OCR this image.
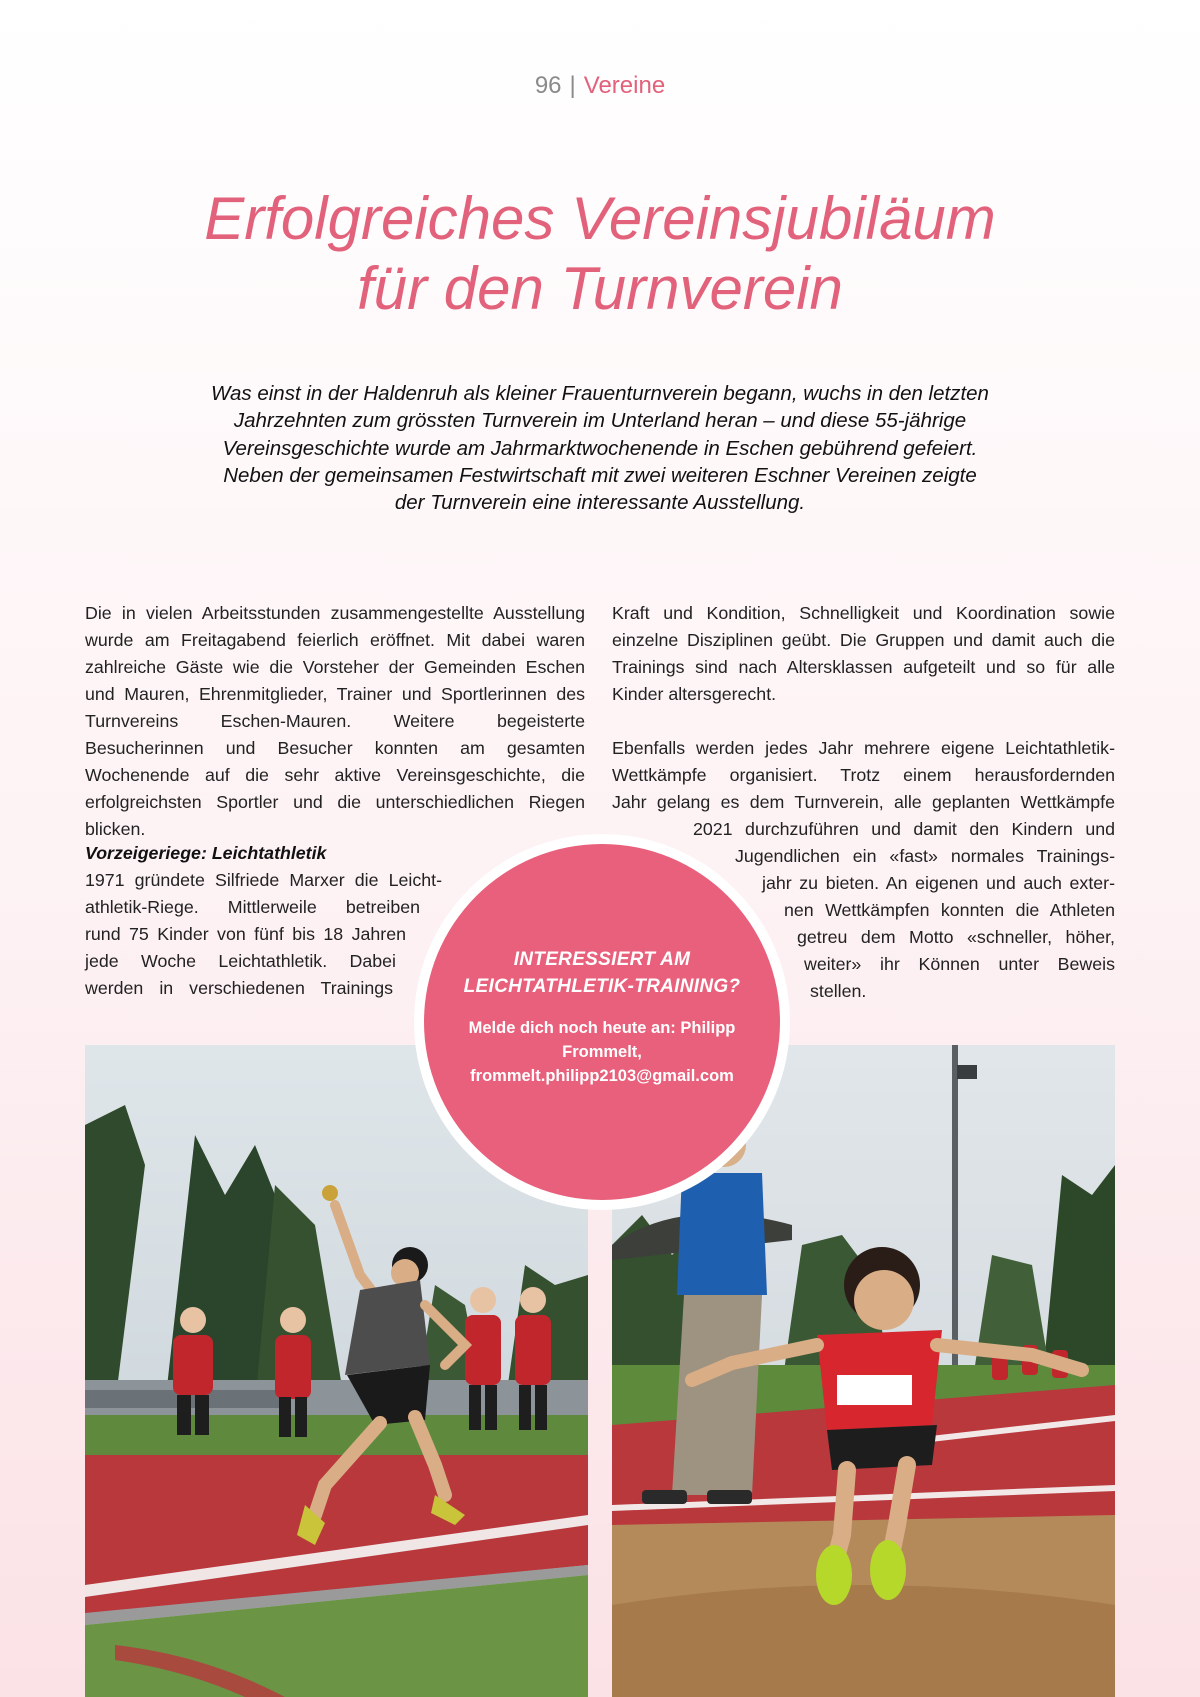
96 | Vereine
Erfolgreiches Vereinsjubiläum
für den Turnverein

Was einst in der Haldenruh als kleiner Frauenturnverein begann, wuchs in den letzten Jahrzehnten zum grössten Turnverein im Unterland heran – und diese 55-jährige Vereinsgeschichte wurde am Jahrmarktwochenende in Eschen gebührend gefeiert. Neben der gemeinsamen Festwirtschaft mit zwei weiteren Eschner Vereinen zeigte der Turnverein eine interessante Ausstellung.

Die in vielen Arbeitsstunden zusammengestellte Ausstellung wurde am Freitagabend feierlich eröffnet. Mit dabei waren zahlreiche Gäste wie die Vorsteher der Gemeinden Eschen und Mauren, Ehrenmitglieder, Trainer und Sportlerinnen des Turnvereins Eschen-Mauren. Weitere begeisterte Besucherinnen und Besucher konnten am gesamten Wochenende auf die sehr aktive Vereinsgeschichte, die erfolgreichsten Sportler und die unterschiedlichen Riegen blicken.

Vorzeigeriege: Leichtathletik

1971 gründete Silfriede Marxer die Leicht-
athletik-Riege. Mittlerweile betreiben
rund 75 Kinder von fünf bis 18 Jahren
jede Woche Leichtathletik. Dabei
werden in verschiedenen Trainings

Kraft und Kondition, Schnelligkeit und Koordination sowie einzelne Disziplinen geübt. Die Gruppen und damit auch die Trainings sind nach Altersklassen aufgeteilt und so für alle Kinder altersgerecht.

Ebenfalls werden jedes Jahr mehrere eigene Leichtathletik-
Wettkämpfe organisiert. Trotz einem herausfordernden
Jahr gelang es dem Turnverein, alle geplanten Wettkämpfe
2021 durchzuführen und damit den Kindern und
Jugendlichen ein «fast» normales Trainings-
jahr zu bieten. An eigenen und auch exter-
nen Wettkämpfen konnten die Athleten
getreu dem Motto «schneller, höher,
weiter» ihr Können unter Beweis
stellen.
INTERESSIERT AM LEICHTATHLETIK-TRAINING?
Melde dich noch heute an: Philipp Frommelt, frommelt.philipp2103@gmail.com
